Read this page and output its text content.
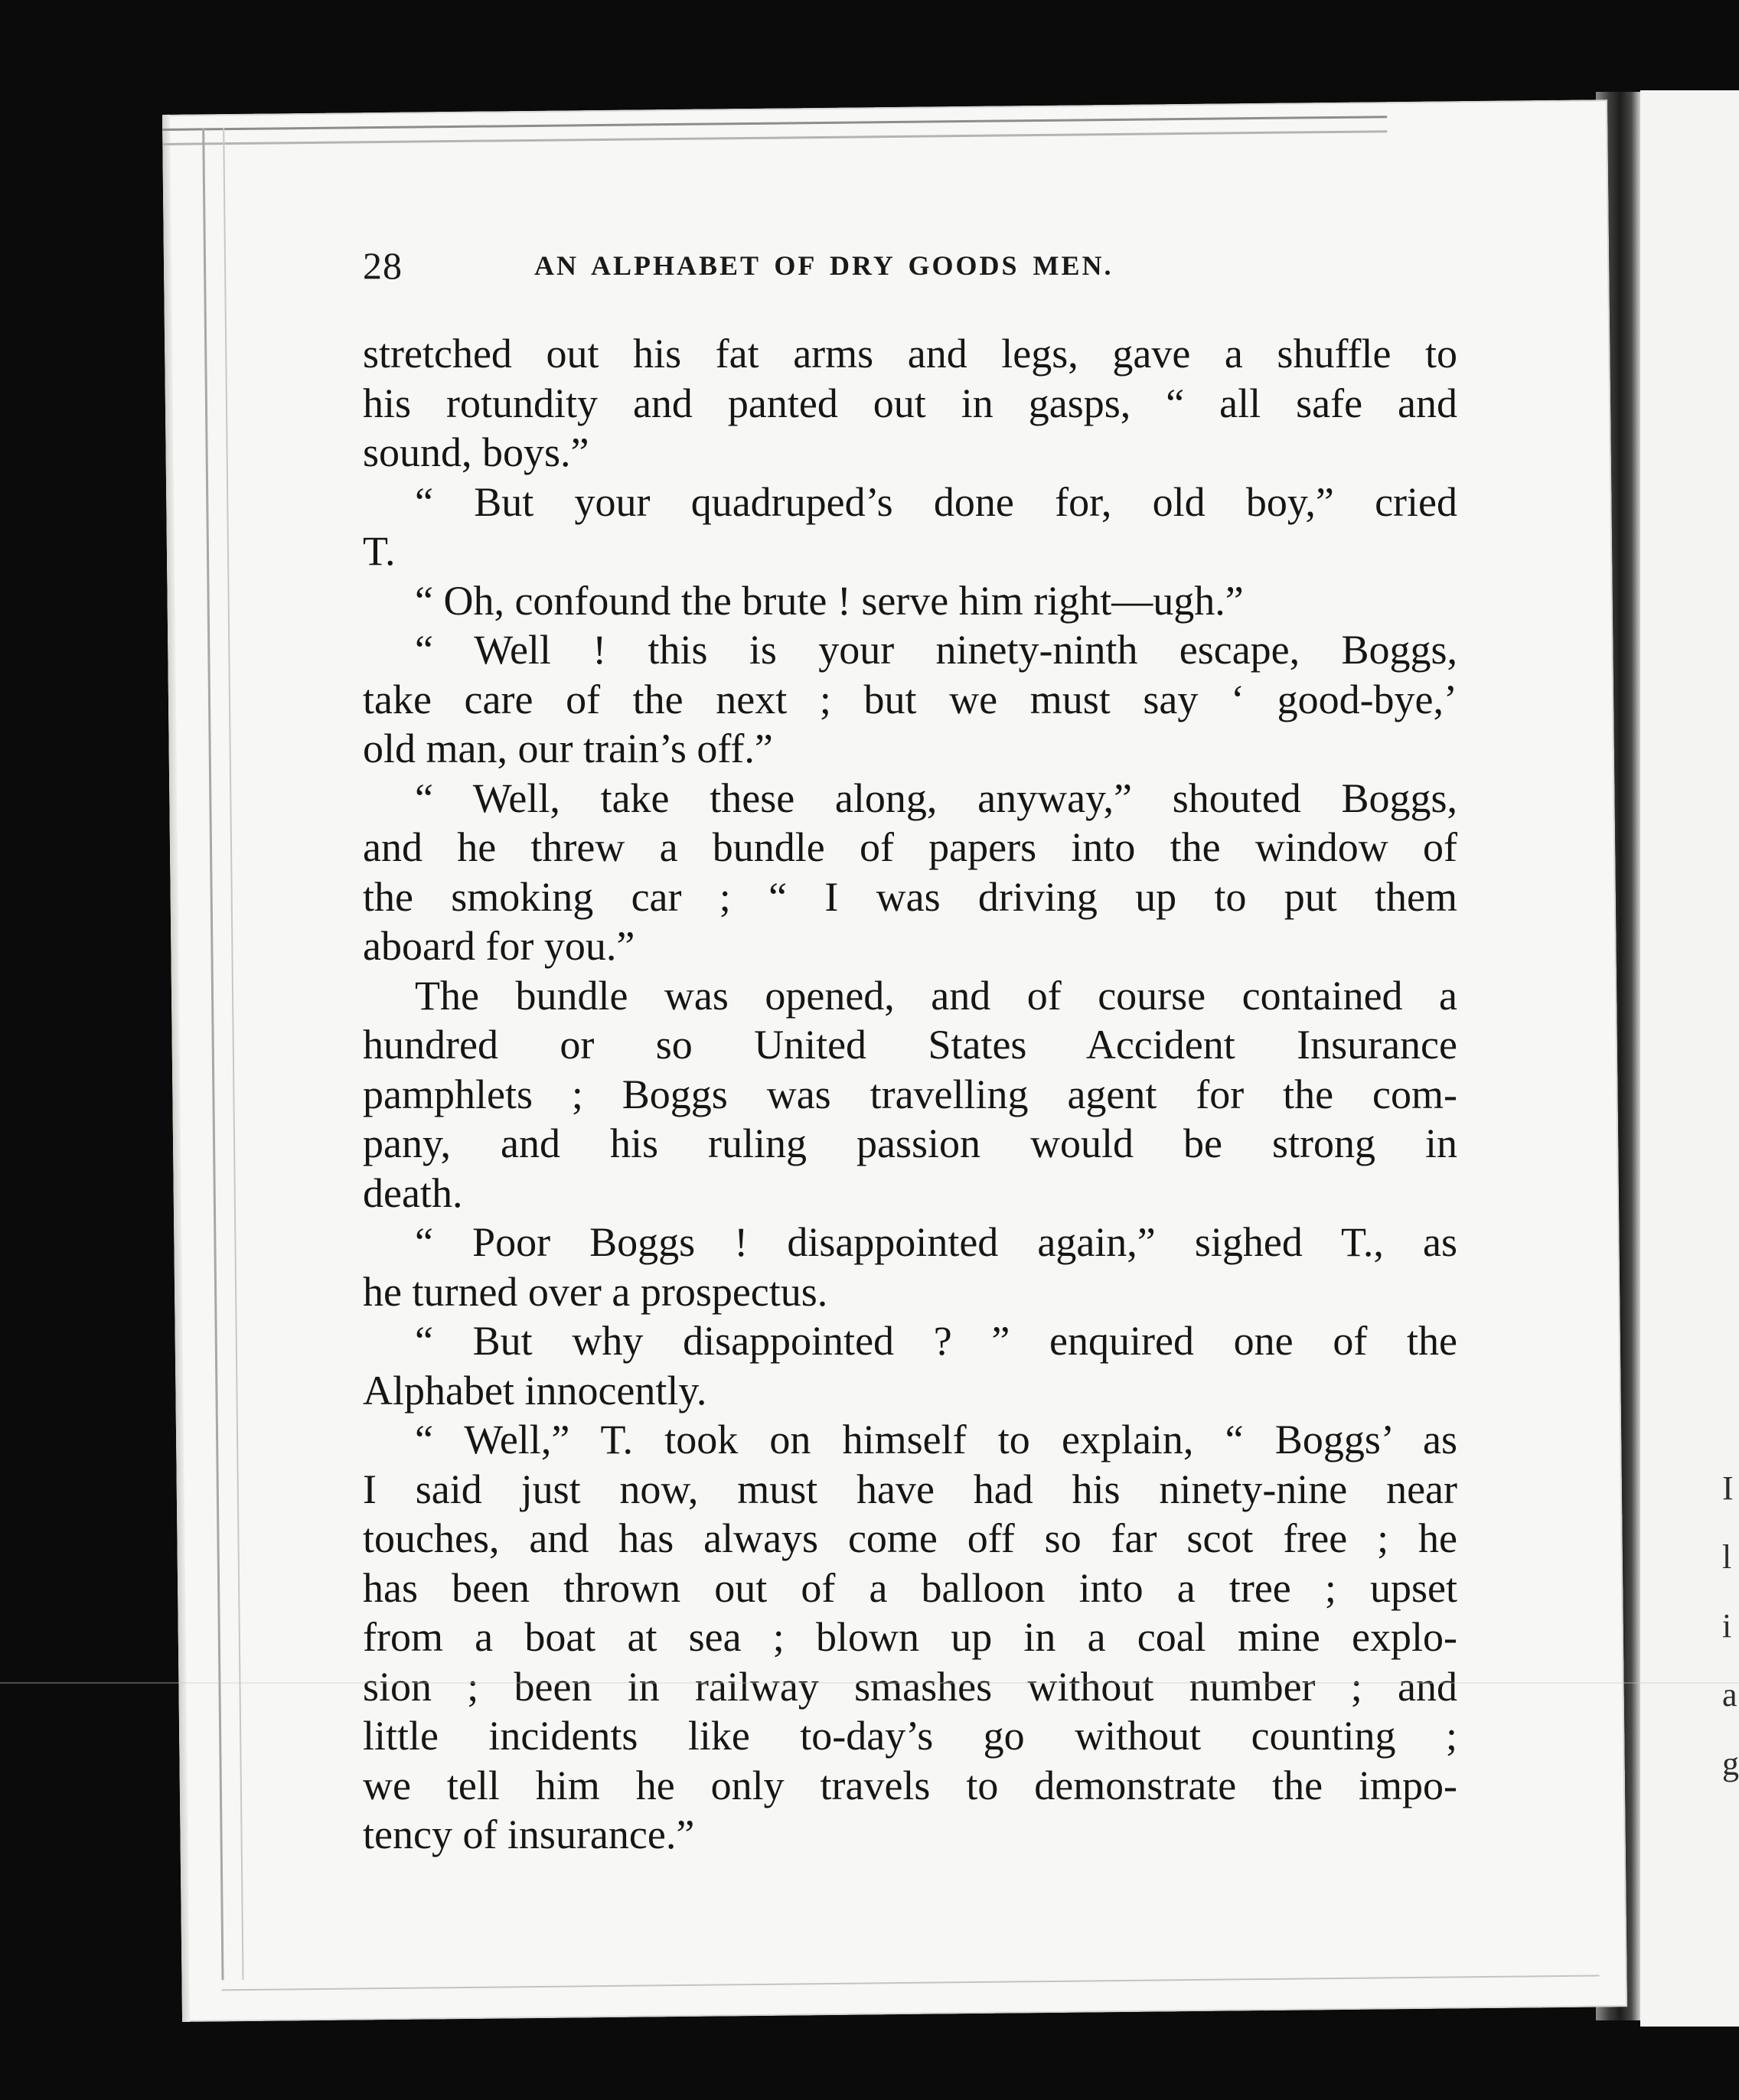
I
l
i
a
g
28	AN ALPHABET OF DRY GOODS MEN.
stretched out his fat arms and legs, gave a shuffle to
his rotundity and panted out in gasps, “ all safe and
sound, boys.”
“ But your quadruped’s done for, old boy,” cried
T.
“ Oh, confound the brute ! serve him right—ugh.”
“ Well ! this is your ninety-ninth escape, Boggs,
take care of the next ; but we must say ‘ good-bye,’
old man, our train’s off.”
“ Well, take these along, anyway,” shouted Boggs,
and he threw a bundle of papers into the window of
the smoking car ; “ I was driving up to put them
aboard for you.”
The bundle was opened, and of course contained a
hundred or so United States Accident Insurance
pamphlets ; Boggs was travelling agent for the com-
pany, and his ruling passion would be strong in
death.
“ Poor Boggs ! disappointed again,” sighed T., as
he turned over a prospectus.
“ But why disappointed ? ” enquired one of the
Alphabet innocently.
“ Well,” T. took on himself to explain, “ Boggs’ as
I said just now, must have had his ninety-nine near
touches, and has always come off so far scot free ; he
has been thrown out of a balloon into a tree ; upset
from a boat at sea ; blown up in a coal mine explo-
sion ; been in railway smashes without number ; and
little incidents like to-day’s go without counting ;
we tell him he only travels to demonstrate the impo-
tency of insurance.”
